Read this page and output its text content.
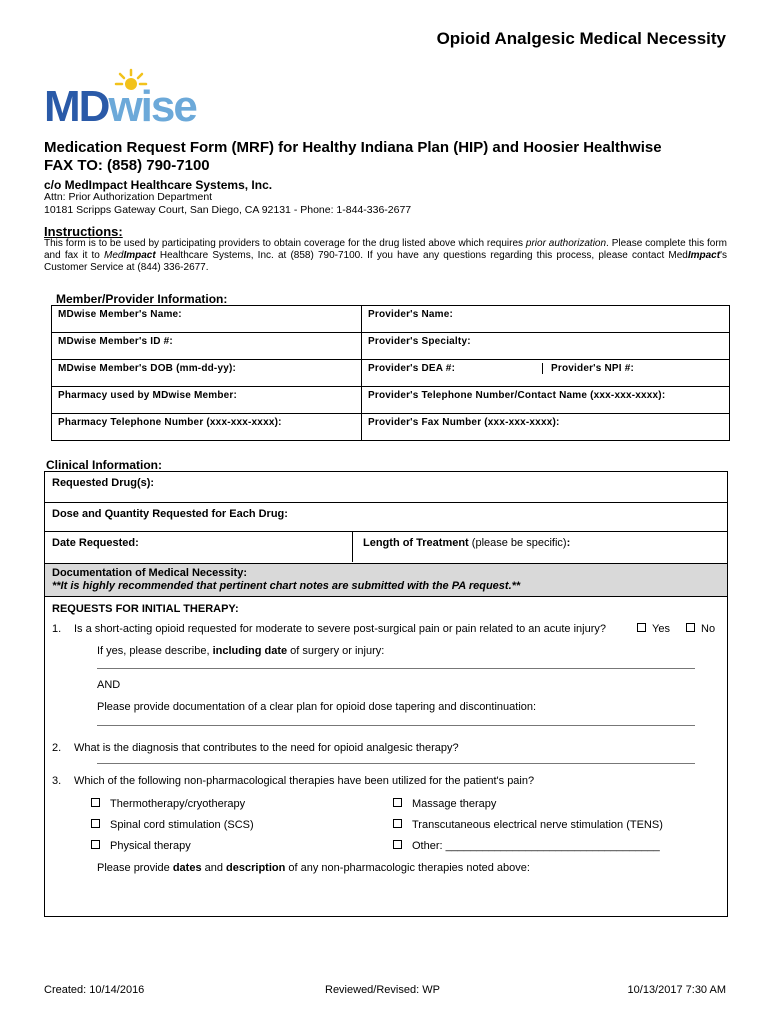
Opioid Analgesic Medical Necessity
MDwise
Medication Request Form (MRF) for Healthy Indiana Plan (HIP) and Hoosier Healthwise
FAX TO: (858) 790-7100
c/o MedImpact Healthcare Systems, Inc.
Attn: Prior Authorization Department
10181 Scripps Gateway Court, San Diego, CA 92131 - Phone: 1-844-336-2677
Instructions:
This form is to be used by participating providers to obtain coverage for the drug listed above which requires prior authorization. Please complete this form and fax it to MedImpact Healthcare Systems, Inc. at (858) 790-7100. If you have any questions regarding this process, please contact MedImpact's Customer Service at (844) 336-2677.
Member/Provider Information:
MDwise Member's Name:	Provider's Name:
MDwise Member's ID #:	Provider's Specialty:
MDwise Member's DOB (mm-dd-yy):	Provider's DEA #: Provider's NPI #:

Pharmacy used by MDwise Member:	Provider's Telephone Number/Contact Name (xxx-xxx-xxxx):
Pharmacy Telephone Number (xxx-xxx-xxxx):	Provider's Fax Number (xxx-xxx-xxxx):
Clinical Information:
Requested Drug(s):
Dose and Quantity Requested for Each Drug:
Date Requested:	Length of Treatment (please be specific):
Documentation of Medical Necessity:
**It is highly recommended that pertinent chart notes are submitted with the PA request.**
REQUESTS FOR INITIAL THERAPY:
1. Is a short-acting opioid requested for moderate to severe post-surgical pain or pain related to an acute injury?	Yes	No
If yes, please describe, including date of surgery or injury:
AND
Please provide documentation of a clear plan for opioid dose tapering and discontinuation:
2. What is the diagnosis that contributes to the need for opioid analgesic therapy?
3. Which of the following non-pharmacological therapies have been utilized for the patient's pain?
Thermotherapy/cryotherapy
Spinal cord stimulation (SCS)
Physical therapy
Massage therapy
Transcutaneous electrical nerve stimulation (TENS)
Other: ___________________________________
Please provide dates and description of any non-pharmacologic therapies noted above:
Created: 10/14/2016	Reviewed/Revised: WP	10/13/2017 7:30 AM
